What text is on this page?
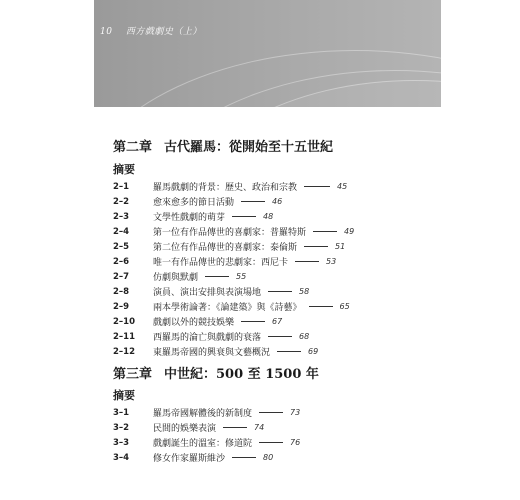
10 西方戲劇史（上）
第二章 古代羅馬：從開始至十五世紀
摘要
2–1	羅馬戲劇的背景：歷史、政治和宗教	45
2–2	愈來愈多的節日活動	46
2–3	文學性戲劇的萌芽	48
2–4	第一位有作品傳世的喜劇家：普羅特斯	49
2–5	第二位有作品傳世的喜劇家：泰倫斯	51
2–6	唯一有作品傳世的悲劇家：西尼卡	53
2–7	仿劇與默劇	55
2–8	演員、演出安排與表演場地	58
2–9	兩本學術論著：《論建築》與《詩藝》	65
2–10	戲劇以外的競技娛樂	67
2–11	西羅馬的淪亡與戲劇的衰落	68
2–12	東羅馬帝國的興衰與文藝概況	69
第三章 中世紀：500 至 1500 年
摘要
3–1	羅馬帝國解體後的新制度	73
3–2	民間的娛樂表演	74
3–3	戲劇誕生的溫室：修道院	76
3–4	修女作家羅斯維沙	80
